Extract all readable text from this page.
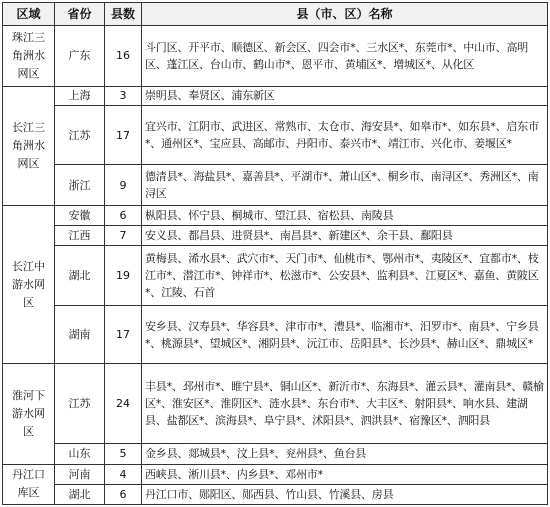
区域	省份	县数	县（市、区）名称
珠江三角洲水网区	广东	16	斗门区、开平市、顺德区、新会区、四会市*、三水区*、东莞市*、中山市、高明区、蓬江区、台山市、鹤山市*、恩平市、黄埔区*、增城区*、从化区
长江三角洲水网区	上海	3	崇明县、奉贤区、浦东新区
	江苏	17	宜兴市、江阴市、武进区、常熟市、太仓市、海安县*、如皋市*、如东县*、启东市*、通州区*、宝应县、高邮市、丹阳市、泰兴市*、靖江市、兴化市、姜堰区*
	浙江	9	德清县*、海盐县*、嘉善县*、平湖市*、萧山区*、桐乡市、南浔区*、秀洲区*、南浔区
长江中游水网区	安徽	6	枞阳县、怀宁县、桐城市、望江县、宿松县、南陵县
	江西	7	安义县、都昌县、进贤县*、南昌县*、新建区*、余干县、鄱阳县
	湖北	19	黄梅县、浠水县*、武穴市*、天门市*、仙桃市*、鄂州市*、夷陵区*、宜都市*、枝江市*、潜江市*、钟祥市*、松滋市*、公安县*、监利县*、江夏区*、嘉鱼、黄陂区*、江陵、石首
	湖南	17	安乡县、汉寿县*、华容县*、津市市*、澧县*、临湘市*、汨罗市*、南县*、宁乡县*、桃源县*、望城区*、湘阴县*、沅江市、岳阳县*、长沙县*、赫山区*、鼎城区*
淮河下游水网区	江苏	24	丰县*、邳州市*、睢宁县*、铜山区*、新沂市*、东海县*、灌云县*、灌南县*、赣榆区*、淮安区*、淮阴区*、涟水县*、东台市*、大丰区*、射阳县*、响水县、建湖县、盐都区*、滨海县*、阜宁县*、沭阳县*、泗洪县*、宿豫区*、泗阳县
	山东	5	金乡县、郯城县*、汶上县*、兖州县*、鱼台县
丹江口库区	河南	4	西峡县、淅川县*、内乡县*、邓州市*
	湖北	6	丹江口市、郧阳区、郧西县、竹山县、竹溪县、房县
